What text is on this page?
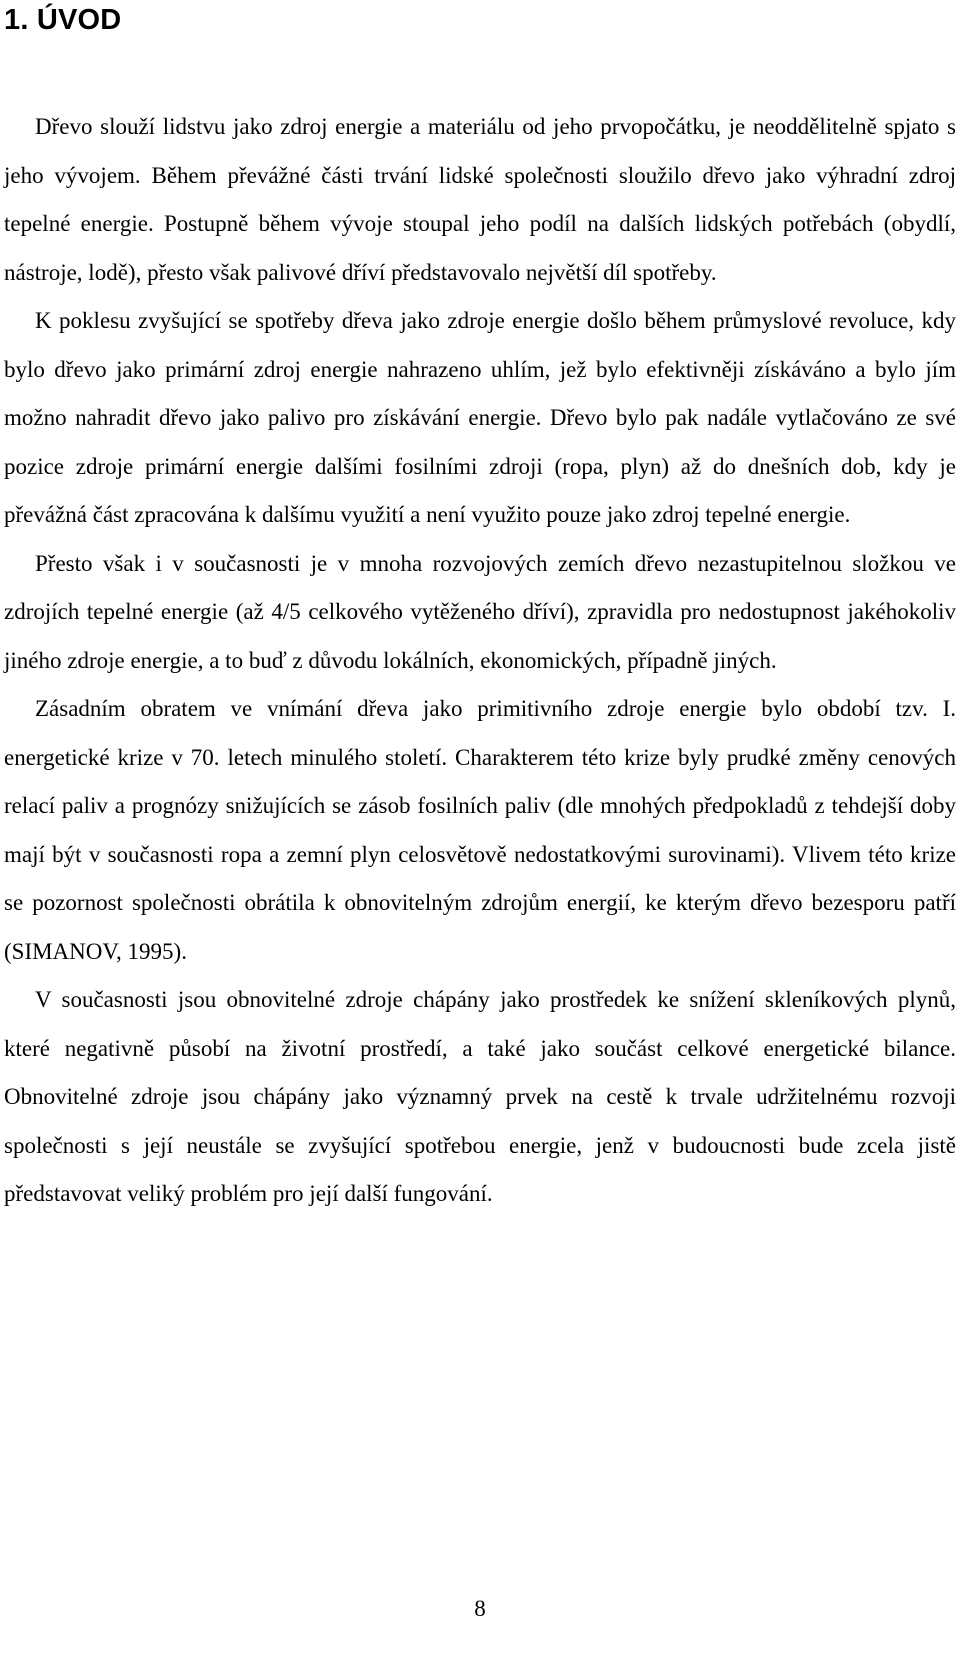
1. ÚVOD

Dřevo slouží lidstvu jako zdroj energie a materiálu od jeho prvopočátku, je neoddělitelně spjato s jeho vývojem. Během převážné části trvání lidské společnosti sloužilo dřevo jako výhradní zdroj tepelné energie. Postupně během vývoje stoupal jeho podíl na dalších lidských potřebách (obydlí, nástroje, lodě), přesto však palivové dříví představovalo největší díl spotřeby.

K poklesu zvyšující se spotřeby dřeva jako zdroje energie došlo během průmyslové revoluce, kdy bylo dřevo jako primární zdroj energie nahrazeno uhlím, jež bylo efektivněji získáváno a bylo jím možno nahradit dřevo jako palivo pro získávání energie. Dřevo bylo pak nadále vytlačováno ze své pozice zdroje primární energie dalšími fosilními zdroji (ropa, plyn) až do dnešních dob, kdy je převážná část zpracována k dalšímu využití a není využito pouze jako zdroj tepelné energie.

Přesto však i v současnosti je v mnoha rozvojových zemích dřevo nezastupitelnou složkou ve zdrojích tepelné energie (až 4/5 celkového vytěženého dříví), zpravidla pro nedostupnost jakéhokoliv jiného zdroje energie, a to buď z důvodu lokálních, ekonomických, případně jiných.

Zásadním obratem ve vnímání dřeva jako primitivního zdroje energie bylo období tzv. I. energetické krize v 70. letech minulého století. Charakterem této krize byly prudké změny cenových relací paliv a prognózy snižujících se zásob fosilních paliv (dle mnohých předpokladů z tehdejší doby mají být v současnosti ropa a zemní plyn celosvětově nedostatkovými surovinami). Vlivem této krize se pozornost společnosti obrátila k obnovitelným zdrojům energií, ke kterým dřevo bezesporu patří (SIMANOV, 1995).

V současnosti jsou obnovitelné zdroje chápány jako prostředek ke snížení skleníkových plynů, které negativně působí na životní prostředí, a také jako součást celkové energetické bilance. Obnovitelné zdroje jsou chápány jako významný prvek na cestě k trvale udržitelnému rozvoji společnosti s její neustále se zvyšující spotřebou energie, jenž v budoucnosti bude zcela jistě představovat veliký problém pro její další fungování.

8
